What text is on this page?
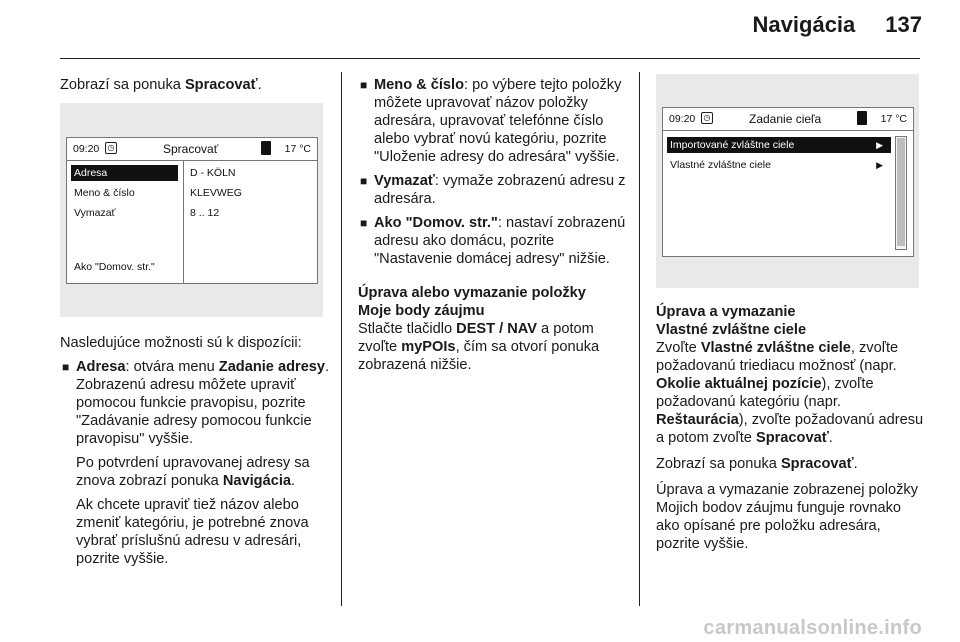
Navigácia 137

Zobrazí sa ponuka Spracovať.

09:20	◷	Spracovať	17 °C
Adresa
Meno & číslo
Vymazať
Ako "Domov. str."
D - KÖLN
KLEVWEG
8 .. 12

Nasledujúce možnosti sú k dispozícii:

■ Adresa: otvára menu Zadanie adresy. Zobrazenú adresu môžete upraviť pomocou funkcie pravopisu, pozrite "Zadávanie adresy pomocou funkcie pravopisu" vyššie.

Po potvrdení upravovanej adresy sa znova zobrazí ponuka Navigácia.

Ak chcete upraviť tiež názov alebo zmeniť kategóriu, je potrebné znova vybrať príslušnú adresu v adresári, pozrite vyššie.

■ Meno & číslo: po výbere tejto položky môžete upravovať názov položky adresára, upravovať telefónne číslo alebo vybrať novú kategóriu, pozrite "Uloženie adresy do adresára" vyššie.

■ Vymazať: vymaže zobrazenú adresu z adresára.

■ Ako "Domov. str.": nastaví zobrazenú adresu ako domácu, pozrite "Nastavenie domácej adresy" nižšie.

Úprava alebo vymazanie položky

Moje body záujmu

Stlačte tlačidlo DEST / NAV a potom zvoľte myPOIs, čím sa otvorí ponuka zobrazená nižšie.

09:20	◷	Zadanie cieľa	17 °C
Importované zvláštne ciele	▶
Vlastné zvláštne ciele	▶

Úprava a vymazanie

Vlastné zvláštne ciele

Zvoľte Vlastné zvláštne ciele, zvoľte požadovanú triediacu možnosť (napr. Okolie aktuálnej pozície), zvoľte požadovanú kategóriu (napr. Reštaurácia), zvoľte požadovanú adresu a potom zvoľte Spracovať.

Zobrazí sa ponuka Spracovať.

Úprava a vymazanie zobrazenej položky Mojich bodov záujmu funguje rovnako ako opísané pre položku adresára, pozrite vyššie.

carmanualsonline.info
